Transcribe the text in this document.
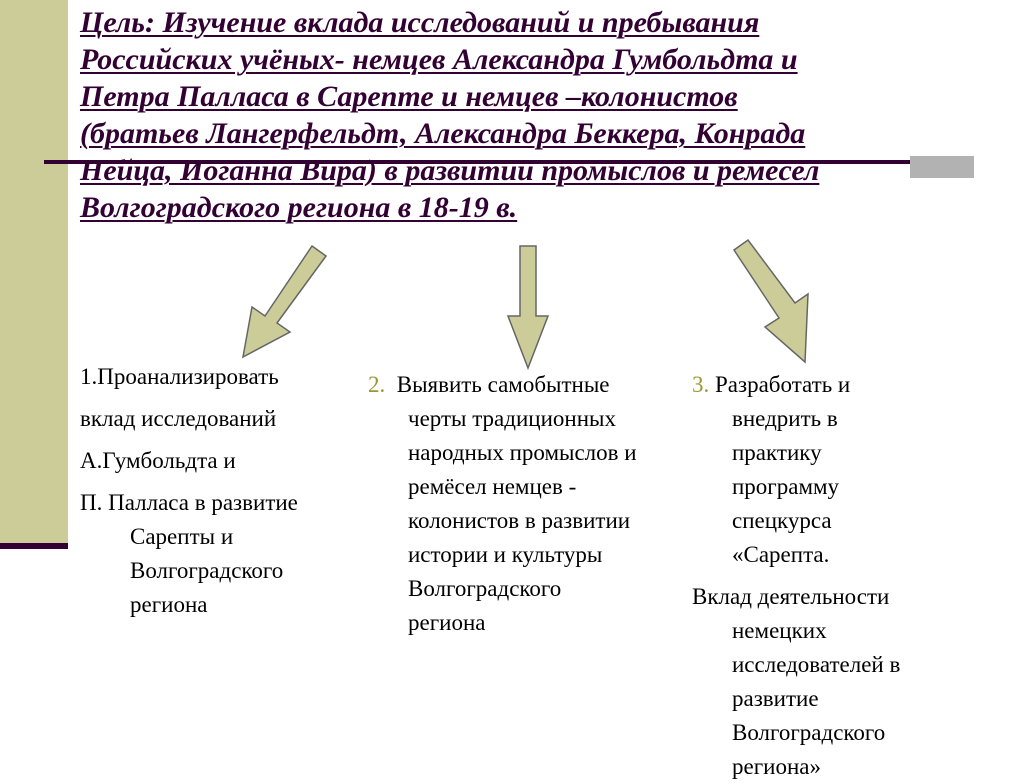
Цель: Изучение вклада исследований и пребывания
Российских учёных- немцев Александра Гумбольдта и
Петра Палласа в Сарепте и немцев –колонистов
(братьев Лангерфельдт, Александра Беккера, Конрада
Нейца, Иоганна Вира) в развитии промыслов и ремёсел
Волгоградского региона в 18-19 в.

1.Проанализировать

вклад исследований

А.Гумбольдта и

П. Палласа в развитие

Сарепты и

Волгоградского

региона

2. Выявить самобытные

черты традиционных

народных промыслов и

ремёсел немцев -

колонистов в развитии

истории и культуры

Волгоградского

региона

3. Разработать и

внедрить в

практику

программу

спецкурса

«Сарепта.

Вклад деятельности

немецких

исследователей в

развитие

Волгоградского

региона»
